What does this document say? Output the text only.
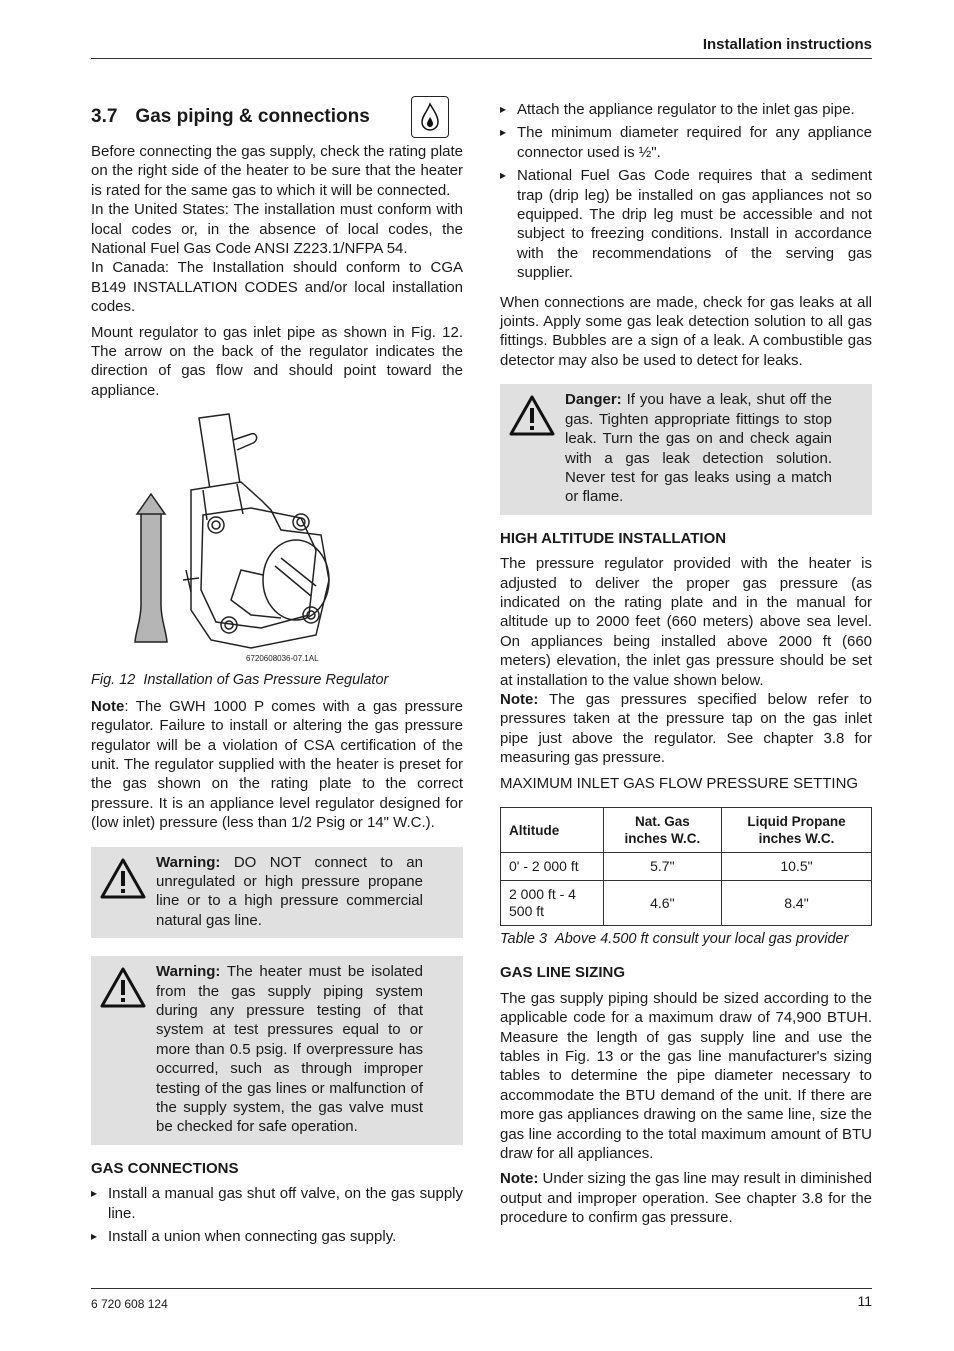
Installation instructions
3.7 Gas piping & connections

Before connecting the gas supply, check the rating plate on the right side of the heater to be sure that the heater is rated for the same gas to which it will be connected.

In the United States: The installation must conform with local codes or, in the absence of local codes, the National Fuel Gas Code ANSI Z223.1/NFPA 54.

In Canada: The Installation should conform to CGA B149 INSTALLATION CODES and/or local installation codes.

Mount regulator to gas inlet pipe as shown in Fig. 12. The arrow on the back of the regulator indicates the direction of gas flow and should point toward the appliance.

6720608036-07.1AL
Fig. 12 Installation of Gas Pressure Regulator

Note: The GWH 1000 P comes with a gas pressure regulator. Failure to install or altering the gas pressure regulator will be a violation of CSA certification of the unit. The regulator supplied with the heater is preset for the gas shown on the rating plate to the correct pressure. It is an appliance level regulator designed for (low inlet) pressure (less than 1/2 Psig or 14" W.C.).

Warning: DO NOT connect to an unregulated or high pressure propane line or to a high pressure commercial natural gas line.

Warning: The heater must be isolated from the gas supply piping system during any pressure testing of that system at test pressures equal to or more than 0.5 psig. If overpressure has occurred, such as through improper testing of the gas lines or malfunction of the supply system, the gas valve must be checked for safe operation.

GAS CONNECTIONS
▸ Install a manual gas shut off valve, on the gas supply line.
▸ Install a union when connecting gas supply.
▸ Attach the appliance regulator to the inlet gas pipe.
▸ The minimum diameter required for any appliance connector used is ½".
▸ National Fuel Gas Code requires that a sediment trap (drip leg) be installed on gas appliances not so equipped. The drip leg must be accessible and not subject to freezing conditions. Install in accordance with the recommendations of the serving gas supplier.

When connections are made, check for gas leaks at all joints. Apply some gas leak detection solution to all gas fittings. Bubbles are a sign of a leak. A combustible gas detector may also be used to detect for leaks.

Danger: If you have a leak, shut off the gas. Tighten appropriate fittings to stop leak. Turn the gas on and check again with a gas leak detection solution. Never test for gas leaks using a match or flame.

HIGH ALTITUDE INSTALLATION

The pressure regulator provided with the heater is adjusted to deliver the proper gas pressure (as indicated on the rating plate and in the manual for altitude up to 2000 feet (660 meters) above sea level. On appliances being installed above 2000 ft (660 meters) elevation, the inlet gas pressure should be set at installation to the value shown below.

Note: The gas pressures specified below refer to pressures taken at the pressure tap on the gas inlet pipe just above the regulator. See chapter 3.8 for measuring gas pressure.

MAXIMUM INLET GAS FLOW PRESSURE SETTING

Altitude	Nat. Gas inches W.C.	Liquid Propane inches W.C.
0' - 2 000 ft	5.7"	10.5"
2 000 ft - 4 500 ft	4.6"	8.4"
Table 3 Above 4.500 ft consult your local gas provider
GAS LINE SIZING

The gas supply piping should be sized according to the applicable code for a maximum draw of 74,900 BTUH. Measure the length of gas supply line and use the tables in Fig. 13 or the gas line manufacturer's sizing tables to determine the pipe diameter necessary to accommodate the BTU demand of the unit. If there are more gas appliances drawing on the same line, size the gas line according to the total maximum amount of BTU draw for all appliances.

Note: Under sizing the gas line may result in diminished output and improper operation. See chapter 3.8 for the procedure to confirm gas pressure.

6 720 608 124	11
